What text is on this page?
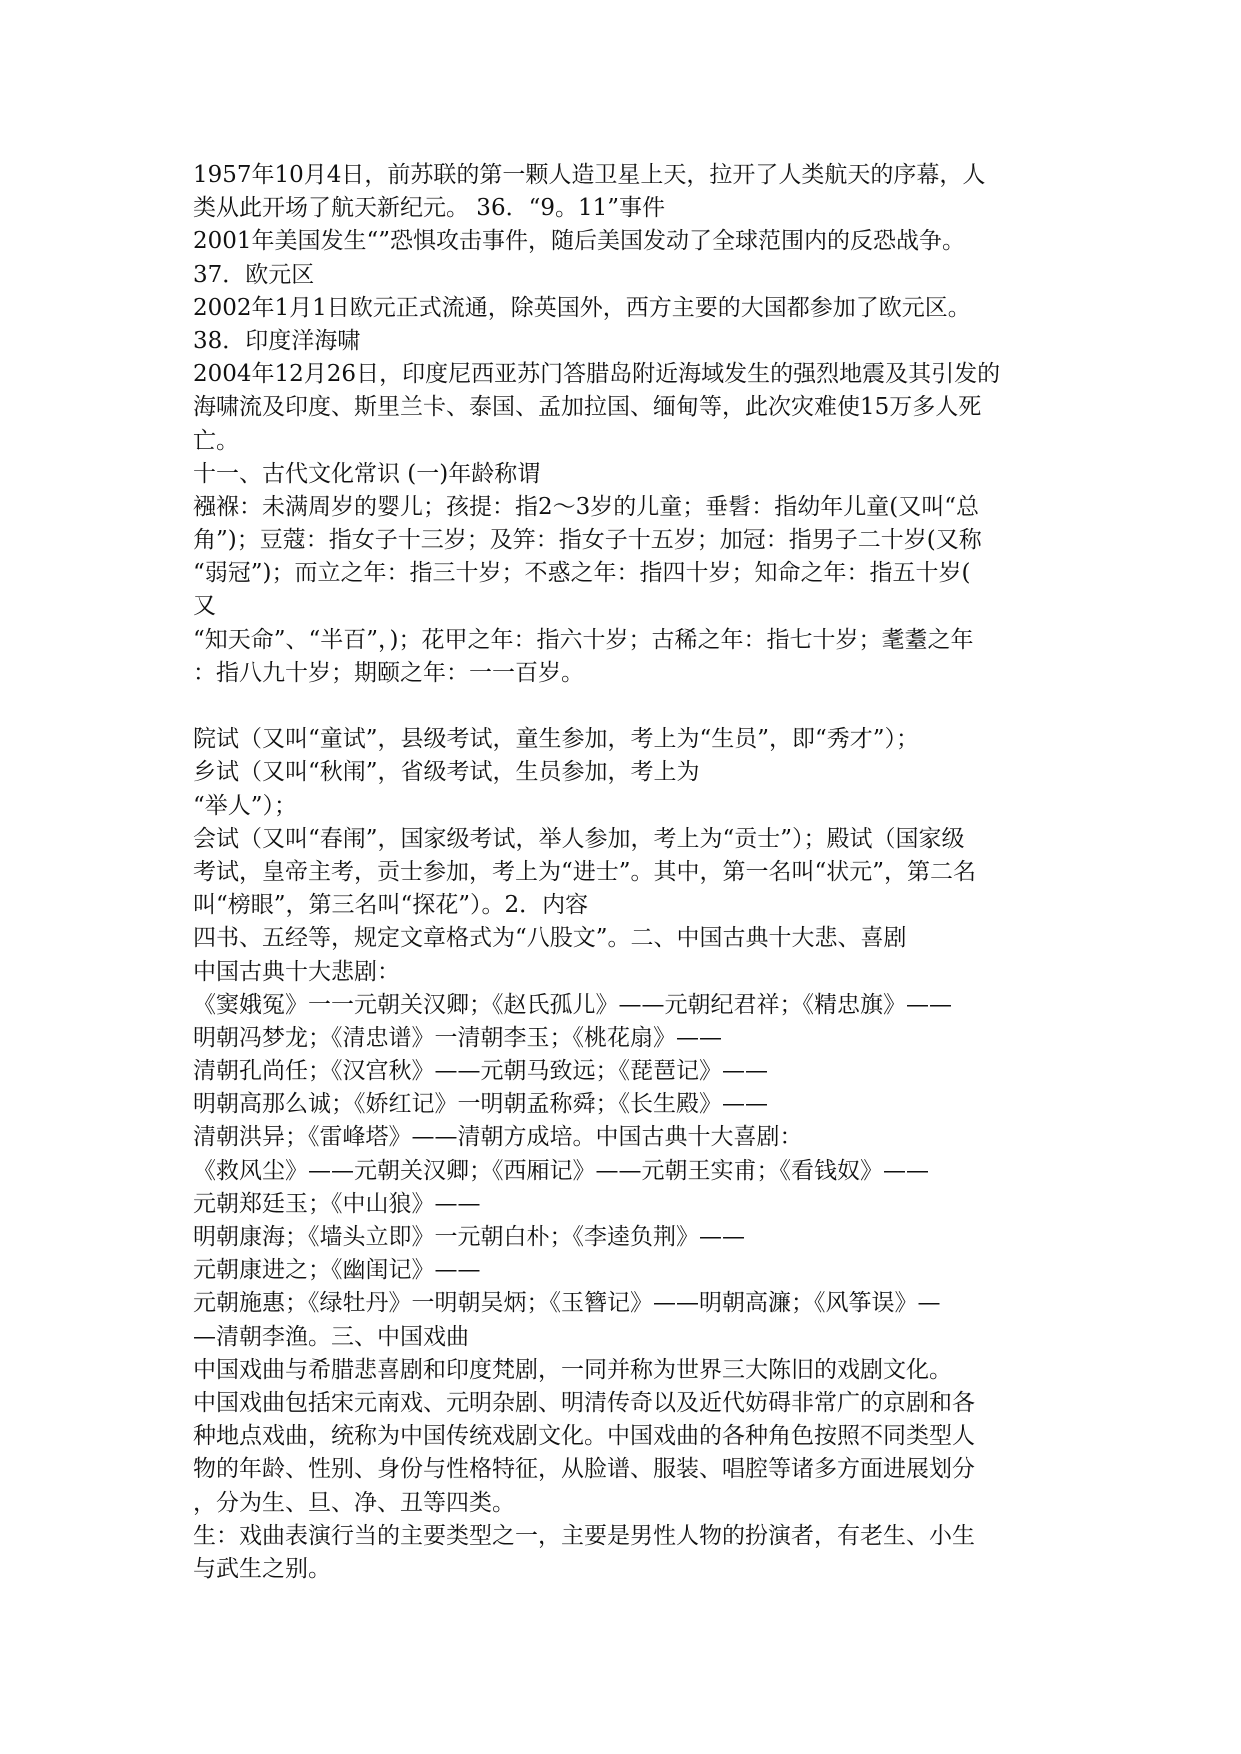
1957年10月4日，前苏联的第一颗人造卫星上天，拉开了人类航天的序幕，人

类从此开场了航天新纪元。 36．“9。11”事件

2001年美国发生“”恐惧攻击事件，随后美国发动了全球范围内的反恐战争。

37．欧元区

2002年1月1日欧元正式流通，除英国外，西方主要的大国都参加了欧元区。

38．印度洋海啸

2004年12月26日，印度尼西亚苏门答腊岛附近海域发生的强烈地震及其引发的

海啸流及印度、斯里兰卡、泰国、孟加拉国、缅甸等，此次灾难使15万多人死

亡。

十一、古代文化常识 (一)年龄称谓

襁褓：未满周岁的婴儿；孩提：指2～3岁的儿童；垂髫：指幼年儿童(又叫“总

角”)；豆蔻：指女子十三岁；及笄：指女子十五岁；加冠：指男子二十岁(又称

“弱冠”)；而立之年：指三十岁；不惑之年：指四十岁；知命之年：指五十岁(

又

“知天命”、“半百”，)；花甲之年：指六十岁；古稀之年：指七十岁；耄耋之年

：指八九十岁；期颐之年：一一百岁。

院试（又叫“童试”，县级考试，童生参加，考上为“生员”，即“秀才”）；

乡试（又叫“秋闱”，省级考试，生员参加，考上为

“举人”）；

会试（又叫“春闱”，国家级考试，举人参加，考上为“贡士”）；殿试（国家级

考试，皇帝主考，贡士参加，考上为“进士”。其中，第一名叫“状元”，第二名

叫“榜眼”，第三名叫“探花”）。2．内容

四书、五经等，规定文章格式为“八股文”。二、中国古典十大悲、喜剧

中国古典十大悲剧：

《窦娥冤》一一元朝关汉卿；《赵氏孤儿》——元朝纪君祥；《精忠旗》——

明朝冯梦龙；《清忠谱》一清朝李玉；《桃花扇》——

清朝孔尚任；《汉宫秋》——元朝马致远；《琵琶记》——

明朝高那么诚；《娇红记》一明朝孟称舜；《长生殿》——

清朝洪异；《雷峰塔》——清朝方成培。中国古典十大喜剧：

《救风尘》——元朝关汉卿；《西厢记》——元朝王实甫；《看钱奴》——

元朝郑廷玉；《中山狼》——

明朝康海；《墙头立即》一元朝白朴；《李逵负荆》——

元朝康进之；《幽闺记》——

元朝施惠；《绿牡丹》一明朝吴炳；《玉簪记》——明朝高濂；《风筝误》—

—清朝李渔。三、中国戏曲

中国戏曲与希腊悲喜剧和印度梵剧，一同并称为世界三大陈旧的戏剧文化。

中国戏曲包括宋元南戏、元明杂剧、明清传奇以及近代妨碍非常广的京剧和各

种地点戏曲，统称为中国传统戏剧文化。中国戏曲的各种角色按照不同类型人

物的年龄、性别、身份与性格特征，从脸谱、服装、唱腔等诸多方面进展划分

，分为生、旦、净、丑等四类。

生：戏曲表演行当的主要类型之一，主要是男性人物的扮演者，有老生、小生

与武生之别。
